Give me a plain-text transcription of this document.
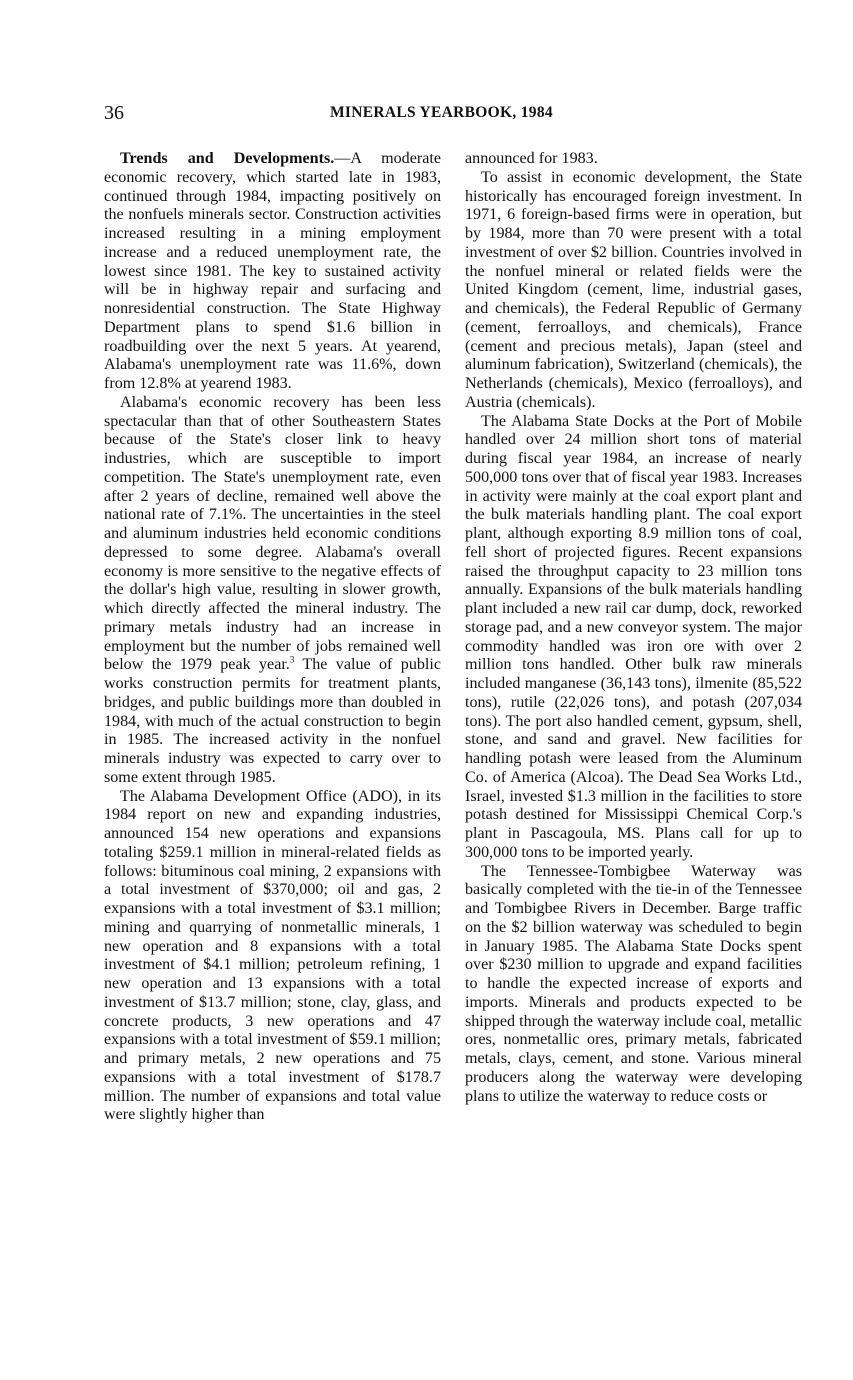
36	MINERALS YEARBOOK, 1984

Trends and Developments.—A moderate economic recovery, which started late in 1983, continued through 1984, impacting positively on the nonfuels minerals sector. Construction activities increased resulting in a mining employment increase and a reduced unemployment rate, the lowest since 1981. The key to sustained activity will be in highway repair and surfacing and nonresidential construction. The State Highway Department plans to spend $1.6 billion in roadbuilding over the next 5 years. At yearend, Alabama's unemployment rate was 11.6%, down from 12.8% at yearend 1983.

Alabama's economic recovery has been less spectacular than that of other Southeastern States because of the State's closer link to heavy industries, which are susceptible to import competition. The State's unemployment rate, even after 2 years of decline, remained well above the national rate of 7.1%. The uncertainties in the steel and aluminum industries held economic conditions depressed to some degree. Alabama's overall economy is more sensitive to the negative effects of the dollar's high value, resulting in slower growth, which directly affected the mineral industry. The primary metals industry had an increase in employment but the number of jobs remained well below the 1979 peak year.$^3$ The value of public works construction permits for treatment plants, bridges, and public buildings more than doubled in 1984, with much of the actual construction to begin in 1985. The increased activity in the nonfuel minerals industry was expected to carry over to some extent through 1985.

The Alabama Development Office (ADO), in its 1984 report on new and expanding industries, announced 154 new operations and expansions totaling $259.1 million in mineral-related fields as follows: bituminous coal mining, 2 expansions with a total investment of $370,000; oil and gas, 2 expansions with a total investment of $3.1 million; mining and quarrying of nonmetallic minerals, 1 new operation and 8 expansions with a total investment of $4.1 million; petroleum refining, 1 new operation and 13 expansions with a total investment of $13.7 million; stone, clay, glass, and concrete products, 3 new operations and 47 expansions with a total investment of $59.1 million; and primary metals, 2 new operations and 75 expansions with a total investment of $178.7 million. The number of expansions and total value were slightly higher than

announced for 1983.

To assist in economic development, the State historically has encouraged foreign investment. In 1971, 6 foreign-based firms were in operation, but by 1984, more than 70 were present with a total investment of over $2 billion. Countries involved in the nonfuel mineral or related fields were the United Kingdom (cement, lime, industrial gases, and chemicals), the Federal Republic of Germany (cement, ferroalloys, and chemicals), France (cement and precious metals), Japan (steel and aluminum fabrication), Switzerland (chemicals), the Netherlands (chemicals), Mexico (ferroalloys), and Austria (chemicals).

The Alabama State Docks at the Port of Mobile handled over 24 million short tons of material during fiscal year 1984, an increase of nearly 500,000 tons over that of fiscal year 1983. Increases in activity were mainly at the coal export plant and the bulk materials handling plant. The coal export plant, although exporting 8.9 million tons of coal, fell short of projected figures. Recent expansions raised the throughput capacity to 23 million tons annually. Expansions of the bulk materials handling plant included a new rail car dump, dock, reworked storage pad, and a new conveyor system. The major commodity handled was iron ore with over 2 million tons handled. Other bulk raw minerals included manganese (36,143 tons), ilmenite (85,522 tons), rutile (22,026 tons), and potash (207,034 tons). The port also handled cement, gypsum, shell, stone, and sand and gravel. New facilities for handling potash were leased from the Aluminum Co. of America (Alcoa). The Dead Sea Works Ltd., Israel, invested $1.3 million in the facilities to store potash destined for Mississippi Chemical Corp.'s plant in Pascagoula, MS. Plans call for up to 300,000 tons to be imported yearly.

The Tennessee-Tombigbee Waterway was basically completed with the tie-in of the Tennessee and Tombigbee Rivers in December. Barge traffic on the $2 billion waterway was scheduled to begin in January 1985. The Alabama State Docks spent over $230 million to upgrade and expand facilities to handle the expected increase of exports and imports. Minerals and products expected to be shipped through the waterway include coal, metallic ores, nonmetallic ores, primary metals, fabricated metals, clays, cement, and stone. Various mineral producers along the waterway were developing plans to utilize the waterway to reduce costs or
